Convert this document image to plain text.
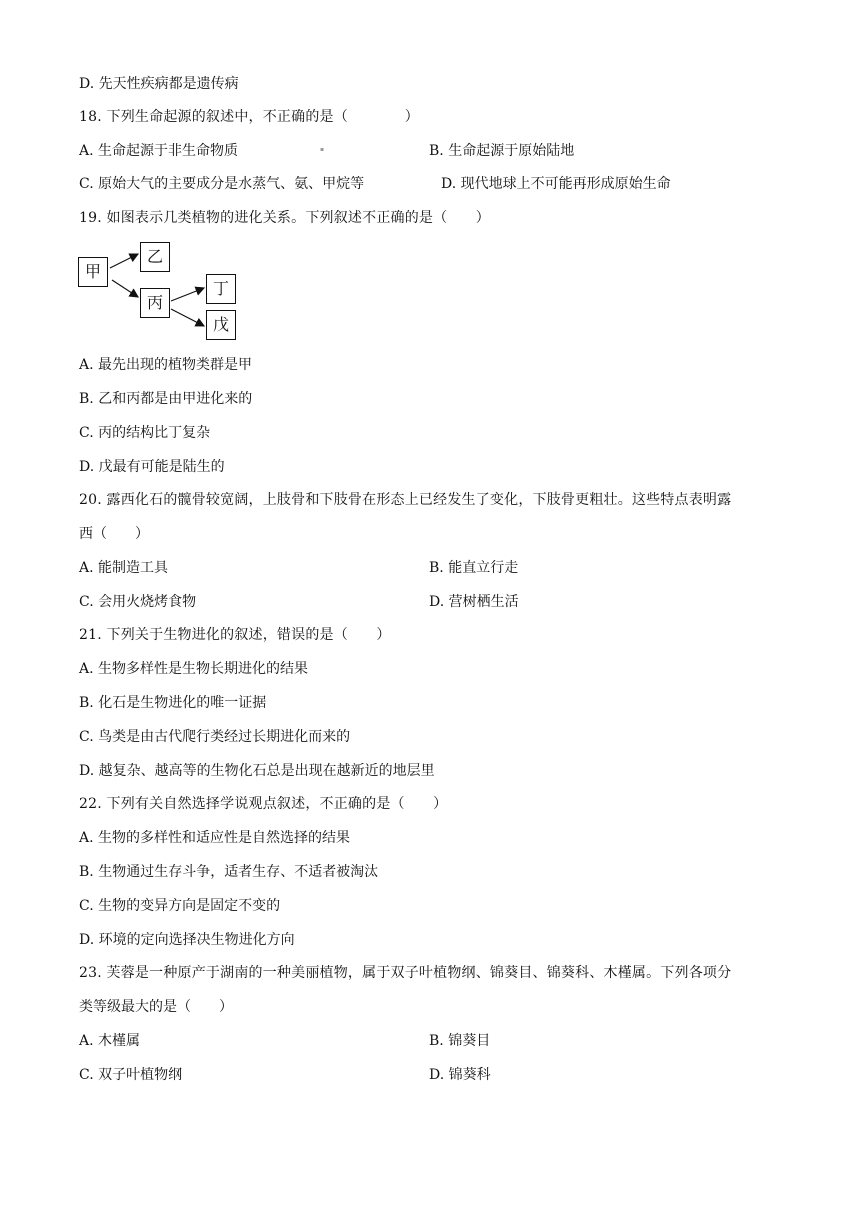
D. 先天性疾病都是遗传病
18. 下列生命起源的叙述中，不正确的是（　　　　）
A. 生命起源于非生命物质	▪	B. 生命起源于原始陆地
C. 原始大气的主要成分是水蒸气、氨、甲烷等	D. 现代地球上不可能再形成原始生命
19. 如图表示几类植物的进化关系。下列叙述不正确的是（　　）
甲
乙
丙
丁
戊
A. 最先出现的植物类群是甲
B. 乙和丙都是由甲进化来的
C. 丙的结构比丁复杂
D. 戊最有可能是陆生的
20. 露西化石的髋骨较宽阔，上肢骨和下肢骨在形态上已经发生了变化，下肢骨更粗壮。这些特点表明露
西（　　）
A. 能制造工具	B. 能直立行走
C. 会用火烧烤食物	D. 营树栖生活
21. 下列关于生物进化的叙述，错误的是（　　）
A. 生物多样性是生物长期进化的结果
B. 化石是生物进化的唯一证据
C. 鸟类是由古代爬行类经过长期进化而来的
D. 越复杂、越高等的生物化石总是出现在越新近的地层里
22. 下列有关自然选择学说观点叙述，不正确的是（　　）
A. 生物的多样性和适应性是自然选择的结果
B. 生物通过生存斗争，适者生存、不适者被淘汰
C. 生物的变异方向是固定不变的
D. 环境的定向选择决生物进化方向
23. 芙蓉是一种原产于湖南的一种美丽植物，属于双子叶植物纲、锦葵目、锦葵科、木槿属。下列各项分
类等级最大的是（　　）
A. 木槿属	B. 锦葵目
C. 双子叶植物纲	D. 锦葵科
